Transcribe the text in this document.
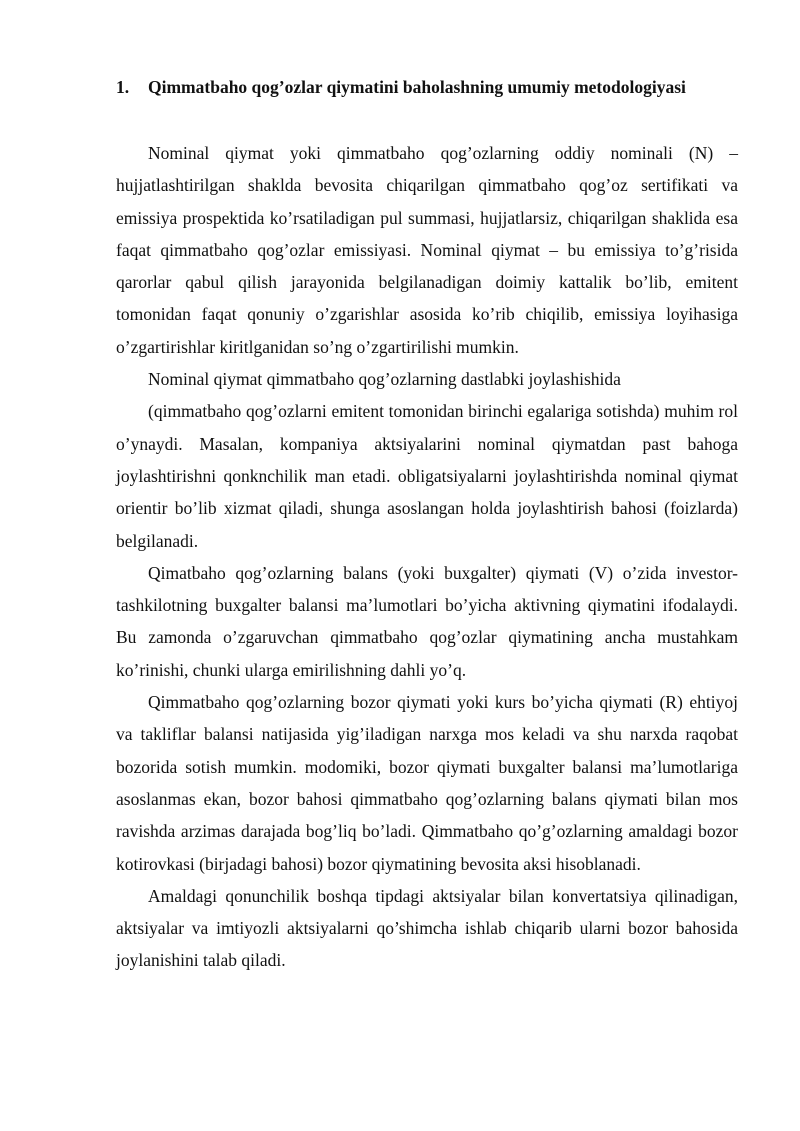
1. Qimmatbaho qog’ozlar qiymatini baholashning umumiy metodologiyasi

Nominal qiymat yoki qimmatbaho qog’ozlarning oddiy nominali (N) – hujjatlashtirilgan shaklda bevosita chiqarilgan qimmatbaho qog’oz sertifikati va emissiya prospektida ko’rsatiladigan pul summasi, hujjatlarsiz, chiqarilgan shaklida esa faqat qimmatbaho qog’ozlar emissiyasi. Nominal qiymat – bu emissiya to’g’risida qarorlar qabul qilish jarayonida belgilanadigan doimiy kattalik bo’lib, emitent tomonidan faqat qonuniy o’zgarishlar asosida ko’rib chiqilib, emissiya loyihasiga o’zgartirishlar kiritlganidan so’ng o’zgartirilishi mumkin.

Nominal qiymat qimmatbaho qog’ozlarning dastlabki joylashishida

(qimmatbaho qog’ozlarni emitent tomonidan birinchi egalariga sotishda) muhim rol o’ynaydi. Masalan, kompaniya aktsiyalarini nominal qiymatdan past bahoga joylashtirishni qonknchilik man etadi. obligatsiyalarni joylashtirishda nominal qiymat orientir bo’lib xizmat qiladi, shunga asoslangan holda joylashtirish bahosi (foizlarda) belgilanadi.

Qimatbaho qog’ozlarning balans (yoki buxgalter) qiymati (V) o’zida investor-tashkilotning buxgalter balansi ma’lumotlari bo’yicha aktivning qiymatini ifodalaydi. Bu zamonda o’zgaruvchan qimmatbaho qog’ozlar qiymatining ancha mustahkam ko’rinishi, chunki ularga emirilishning dahli yo’q.

Qimmatbaho qog’ozlarning bozor qiymati yoki kurs bo’yicha qiymati (R) ehtiyoj va takliflar balansi natijasida yig’iladigan narxga mos keladi va shu narxda raqobat bozorida sotish mumkin. modomiki, bozor qiymati buxgalter balansi ma’lumotlariga asoslanmas ekan, bozor bahosi qimmatbaho qog’ozlarning balans qiymati bilan mos ravishda arzimas darajada bog’liq bo’ladi. Qimmatbaho qo’g’ozlarning amaldagi bozor kotirovkasi (birjadagi bahosi) bozor qiymatining bevosita aksi hisoblanadi.

Amaldagi qonunchilik boshqa tipdagi aktsiyalar bilan konvertatsiya qilinadigan, aktsiyalar va imtiyozli aktsiyalarni qo’shimcha ishlab chiqarib ularni bozor bahosida joylanishini talab qiladi.
